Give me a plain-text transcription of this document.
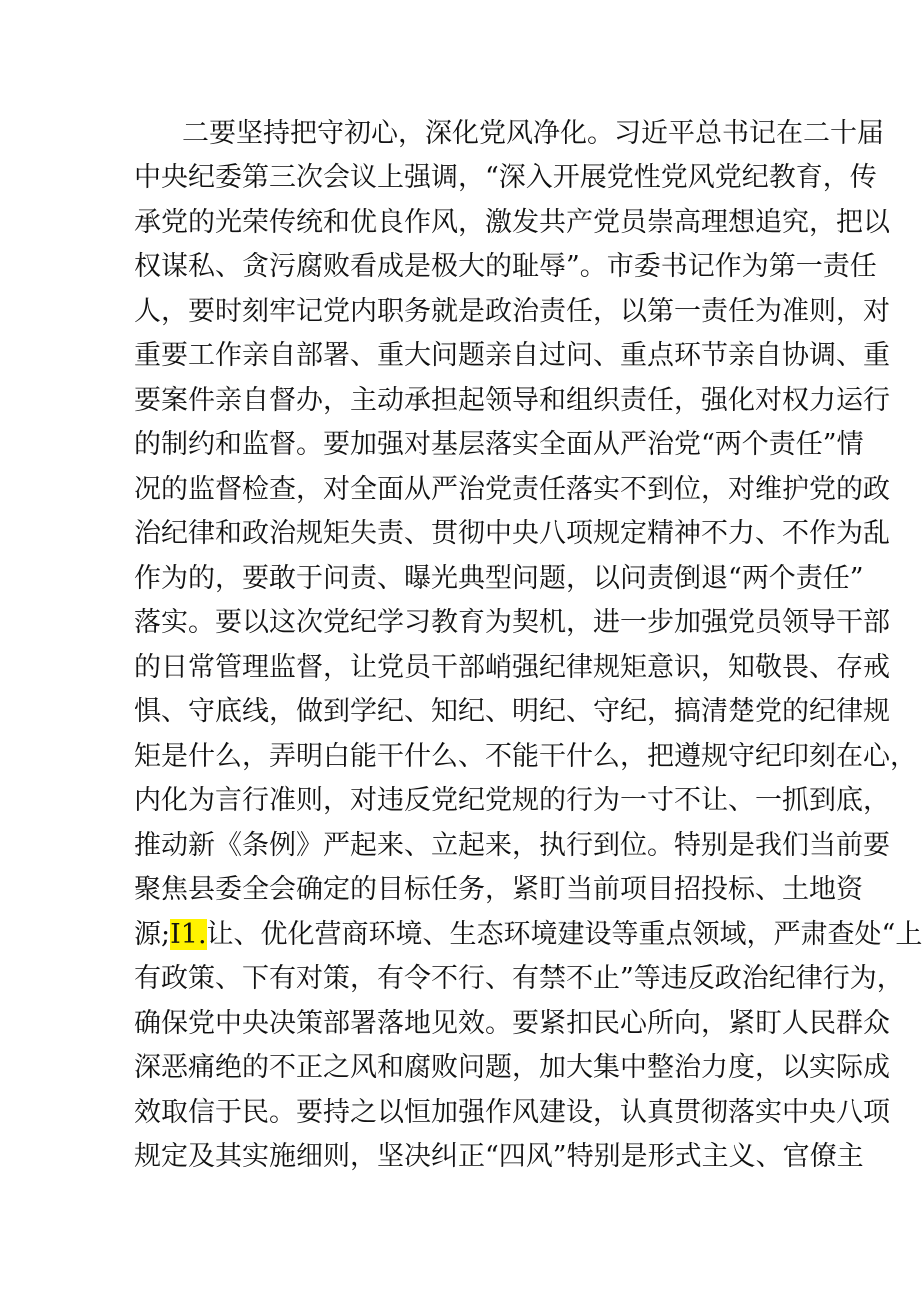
二要坚持把守初心，深化党风净化。习近平总书记在二十届
中央纪委第三次会议上强调，“深入开展党性党风党纪教育，传
承党的光荣传统和优良作风，激发共产党员崇高理想追究，把以
权谋私、贪污腐败看成是极大的耻辱”。市委书记作为第一责任
人，要时刻牢记党内职务就是政治责任，以第一责任为准则，对
重要工作亲自部署、重大问题亲自过问、重点环节亲自协调、重
要案件亲自督办，主动承担起领导和组织责任，强化对权力运行
的制约和监督。要加强对基层落实全面从严治党“两个责任”情
况的监督检查，对全面从严治党责任落实不到位，对维护党的政
治纪律和政治规矩失责、贯彻中央八项规定精神不力、不作为乱
作为的，要敢于问责、曝光典型问题，以问责倒退“两个责任”
落实。要以这次党纪学习教育为契机，进一步加强党员领导干部
的日常管理监督，让党员干部峭强纪律规矩意识，知敬畏、存戒
惧、守底线，做到学纪、知纪、明纪、守纪，搞清楚党的纪律规
矩是什么，弄明白能干什么、不能干什么，把遵规守纪印刻在心，
内化为言行准则，对违反党纪党规的行为一寸不让、一抓到底，
推动新《条例》严起来、立起来，执行到位。特别是我们当前要
聚焦县委全会确定的目标任务，紧盯当前项目招投标、土地资
源;I1.让、优化营商环境、生态环境建设等重点领域，严肃查处“上
有政策、下有对策，有令不行、有禁不止”等违反政治纪律行为，
确保党中央决策部署落地见效。要紧扣民心所向，紧盯人民群众
深恶痛绝的不正之风和腐败问题，加大集中整治力度，以实际成
效取信于民。要持之以恒加强作风建设，认真贯彻落实中央八项
规定及其实施细则，坚决纠正“四风”特别是形式主义、官僚主
